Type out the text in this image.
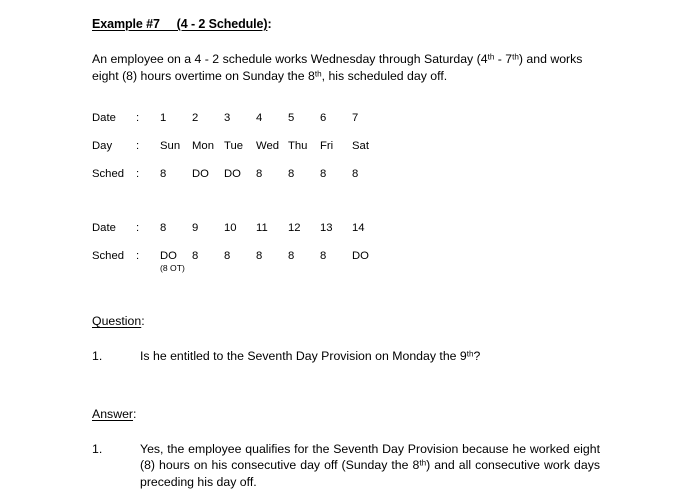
Example #7     (4 - 2 Schedule):

An employee on a 4 - 2 schedule works Wednesday through Saturday (4th - 7th) and works eight (8) hours overtime on Sunday the 8th, his scheduled day off.

Date : 1 2 3 4 5 6 7
Day : Sun Mon Tue Wed Thu Fri Sat
Sched : 8 DO DO 8 8 8 8
Date : 8 9 10 11 12 13 14
Sched : DO 8 8 8 8 8 DO
(8 OT)
Question:
1.	Is he entitled to the Seventh Day Provision on Monday the 9th?
Answer:
1.	Yes, the employee qualifies for the Seventh Day Provision because he worked eight (8) hours on his consecutive day off (Sunday the 8th) and all consecutive work days preceding his day off.
